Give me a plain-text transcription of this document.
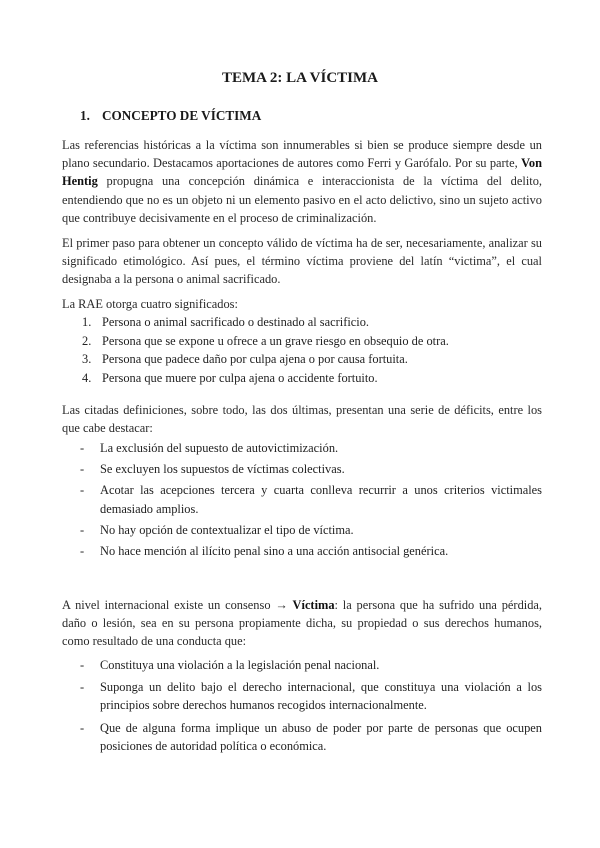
TEMA 2: LA VÍCTIMA
1. CONCEPTO DE VÍCTIMA

Las referencias históricas a la víctima son innumerables si bien se produce siempre desde un plano secundario. Destacamos aportaciones de autores como Ferri y Garófalo. Por su parte, Von Hentig propugna una concepción dinámica e interaccionista de la víctima del delito, entendiendo que no es un objeto ni un elemento pasivo en el acto delictivo, sino un sujeto activo que contribuye decisivamente en el proceso de criminalización.

El primer paso para obtener un concepto válido de víctima ha de ser, necesariamente, analizar su significado etimológico. Así pues, el término víctima proviene del latín “victima”, el cual designaba a la persona o animal sacrificado.

La RAE otorga cuatro significados:

1. Persona o animal sacrificado o destinado al sacrificio.
2. Persona que se expone u ofrece a un grave riesgo en obsequio de otra.
3. Persona que padece daño por culpa ajena o por causa fortuita.
4. Persona que muere por culpa ajena o accidente fortuito.

Las citadas definiciones, sobre todo, las dos últimas, presentan una serie de déficits, entre los que cabe destacar:

- La exclusión del supuesto de autovictimización.
- Se excluyen los supuestos de víctimas colectivas.
- Acotar las acepciones tercera y cuarta conlleva recurrir a unos criterios victimales demasiado amplios.
- No hay opción de contextualizar el tipo de víctima.
- No hace mención al ilícito penal sino a una acción antisocial genérica.

A nivel internacional existe un consenso → Víctima: la persona que ha sufrido una pérdida, daño o lesión, sea en su persona propiamente dicha, su propiedad o sus derechos humanos, como resultado de una conducta que:

- Constituya una violación a la legislación penal nacional.
- Suponga un delito bajo el derecho internacional, que constituya una violación a los principios sobre derechos humanos recogidos internacionalmente.
- Que de alguna forma implique un abuso de poder por parte de personas que ocupen posiciones de autoridad política o económica.
